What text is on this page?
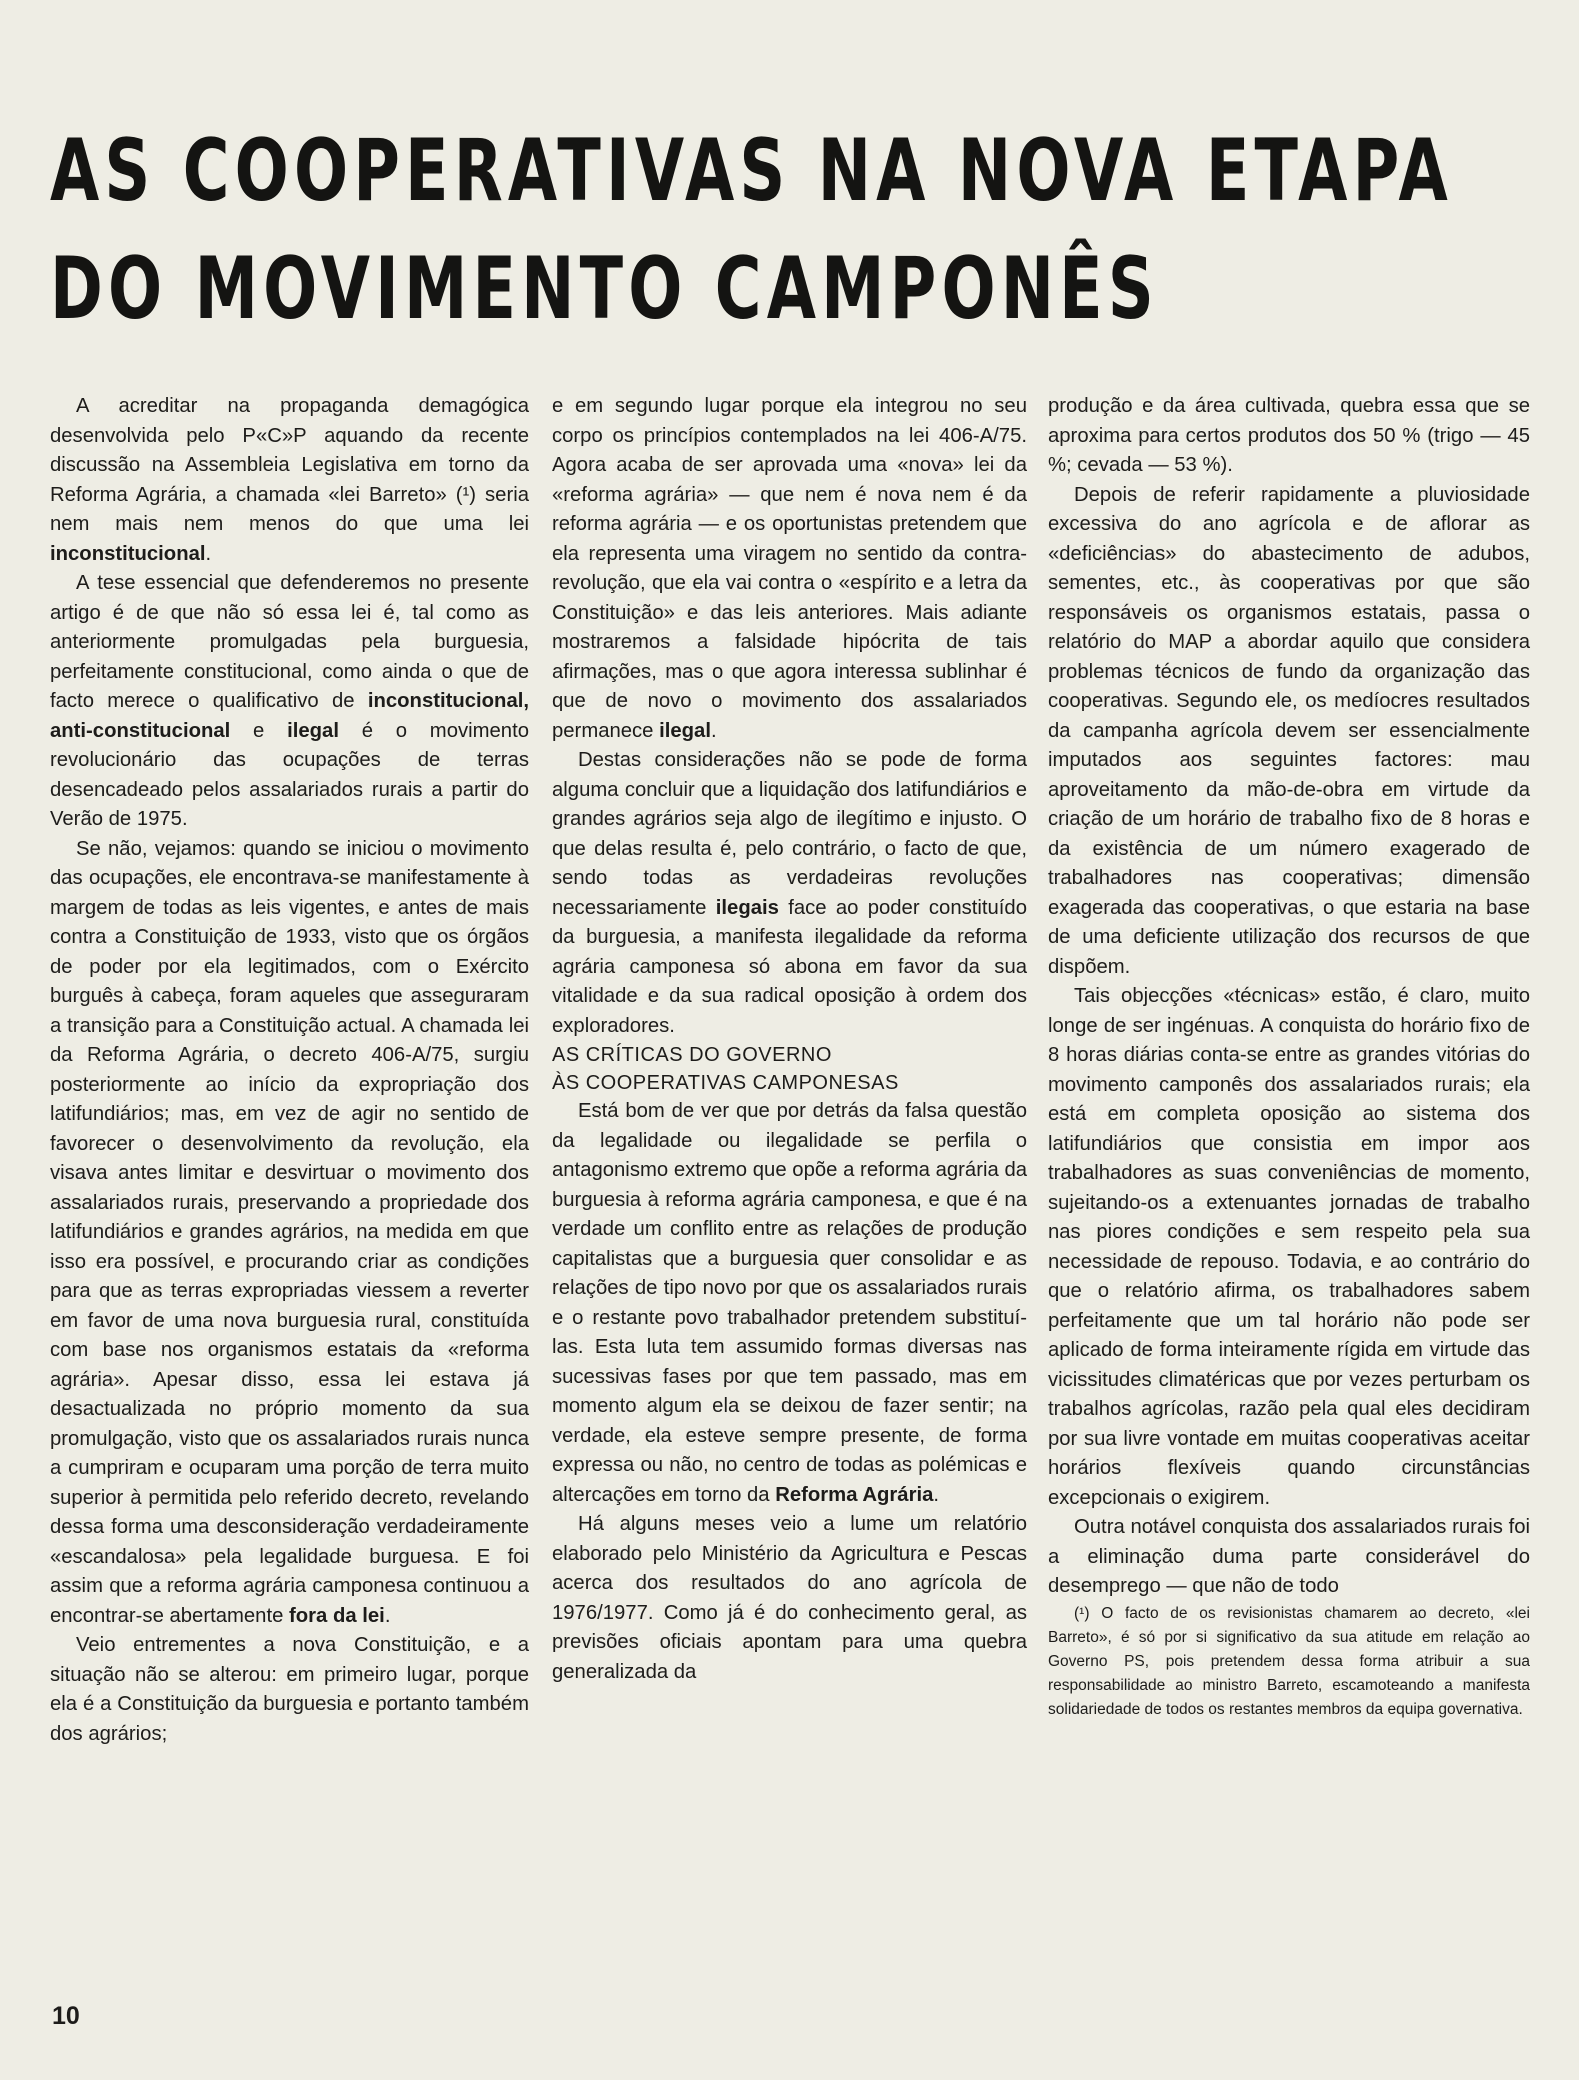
AS COOPERATIVAS NA NOVA ETAPA
DO MOVIMENTO CAMPONÊS

A acreditar na propaganda demagógica desenvolvida pelo P«C»P aquando da recente discussão na Assembleia Legislativa em torno da Reforma Agrária, a chamada «lei Barreto» (¹) seria nem mais nem menos do que uma lei inconstitucional.

A tese essencial que defenderemos no presente artigo é de que não só essa lei é, tal como as anteriormente promulgadas pela burguesia, perfeitamente constitucional, como ainda o que de facto merece o qualificativo de inconstitucional, anti-constitucional e ilegal é o movimento revolucionário das ocupações de terras desencadeado pelos assalariados rurais a partir do Verão de 1975.

Se não, vejamos: quando se iniciou o movimento das ocupações, ele encontrava-se manifestamente à margem de todas as leis vigentes, e antes de mais contra a Constituição de 1933, visto que os órgãos de poder por ela legitimados, com o Exército burguês à cabeça, foram aqueles que asseguraram a transição para a Constituição actual. A chamada lei da Reforma Agrária, o decreto 406-A/75, surgiu posteriormente ao início da expropriação dos latifundiários; mas, em vez de agir no sentido de favorecer o desenvolvimento da revolução, ela visava antes limitar e desvirtuar o movimento dos assalariados rurais, preservando a propriedade dos latifundiários e grandes agrários, na medida em que isso era possível, e procurando criar as condições para que as terras expropriadas viessem a reverter em favor de uma nova burguesia rural, constituída com base nos organismos estatais da «reforma agrária». Apesar disso, essa lei estava já desactualizada no próprio momento da sua promulgação, visto que os assalariados rurais nunca a cumpriram e ocuparam uma porção de terra muito superior à permitida pelo referido decreto, revelando dessa forma uma desconsideração verdadeiramente «escandalosa» pela legalidade burguesa. E foi assim que a reforma agrária camponesa continuou a encontrar-se abertamente fora da lei.

Veio entrementes a nova Constituição, e a situação não se alterou: em primeiro lugar, porque ela é a Constituição da burguesia e portanto também dos agrários;

e em segundo lugar porque ela integrou no seu corpo os princípios contemplados na lei 406-A/75. Agora acaba de ser aprovada uma «nova» lei da «reforma agrária» — que nem é nova nem é da reforma agrária — e os oportunistas pretendem que ela representa uma viragem no sentido da contra-revolução, que ela vai contra o «espírito e a letra da Constituição» e das leis anteriores. Mais adiante mostraremos a falsidade hipócrita de tais afirmações, mas o que agora interessa sublinhar é que de novo o movimento dos assalariados permanece ilegal.

Destas considerações não se pode de forma alguma concluir que a liquidação dos latifundiários e grandes agrários seja algo de ilegítimo e injusto. O que delas resulta é, pelo contrário, o facto de que, sendo todas as verdadeiras revoluções necessariamente ilegais face ao poder constituído da burguesia, a manifesta ilegalidade da reforma agrária camponesa só abona em favor da sua vitalidade e da sua radical oposição à ordem dos exploradores.

AS CRÍTICAS DO GOVERNO
ÀS COOPERATIVAS CAMPONESAS

Está bom de ver que por detrás da falsa questão da legalidade ou ilegalidade se perfila o antagonismo extremo que opõe a reforma agrária da burguesia à reforma agrária camponesa, e que é na verdade um conflito entre as relações de produção capitalistas que a burguesia quer consolidar e as relações de tipo novo por que os assalariados rurais e o restante povo trabalhador pretendem substituí-las. Esta luta tem assumido formas diversas nas sucessivas fases por que tem passado, mas em momento algum ela se deixou de fazer sentir; na verdade, ela esteve sempre presente, de forma expressa ou não, no centro de todas as polémicas e altercações em torno da Reforma Agrária.

Há alguns meses veio a lume um relatório elaborado pelo Ministério da Agricultura e Pescas acerca dos resultados do ano agrícola de 1976/1977. Como já é do conhecimento geral, as previsões oficiais apontam para uma quebra generalizada da

produção e da área cultivada, quebra essa que se aproxima para certos produtos dos 50 % (trigo — 45 %; cevada — 53 %).

Depois de referir rapidamente a pluviosidade excessiva do ano agrícola e de aflorar as «deficiências» do abastecimento de adubos, sementes, etc., às cooperativas por que são responsáveis os organismos estatais, passa o relatório do MAP a abordar aquilo que considera problemas técnicos de fundo da organização das cooperativas. Segundo ele, os medíocres resultados da campanha agrícola devem ser essencialmente imputados aos seguintes factores: mau aproveitamento da mão-de-obra em virtude da criação de um horário de trabalho fixo de 8 horas e da existência de um número exagerado de trabalhadores nas cooperativas; dimensão exagerada das cooperativas, o que estaria na base de uma deficiente utilização dos recursos de que dispõem.

Tais objecções «técnicas» estão, é claro, muito longe de ser ingénuas. A conquista do horário fixo de 8 horas diárias conta-se entre as grandes vitórias do movimento camponês dos assalariados rurais; ela está em completa oposição ao sistema dos latifundiários que consistia em impor aos trabalhadores as suas conveniências de momento, sujeitando-os a extenuantes jornadas de trabalho nas piores condições e sem respeito pela sua necessidade de repouso. Todavia, e ao contrário do que o relatório afirma, os trabalhadores sabem perfeitamente que um tal horário não pode ser aplicado de forma inteiramente rígida em virtude das vicissitudes climatéricas que por vezes perturbam os trabalhos agrícolas, razão pela qual eles decidiram por sua livre vontade em muitas cooperativas aceitar horários flexíveis quando circunstâncias excepcionais o exigirem.

Outra notável conquista dos assalariados rurais foi a eliminação duma parte considerável do desemprego — que não de todo

(¹) O facto de os revisionistas chamarem ao decreto, «lei Barreto», é só por si significativo da sua atitude em relação ao Governo PS, pois pretendem dessa forma atribuir a sua responsabilidade ao ministro Barreto, escamoteando a manifesta solidariedade de todos os restantes membros da equipa governativa.

10
